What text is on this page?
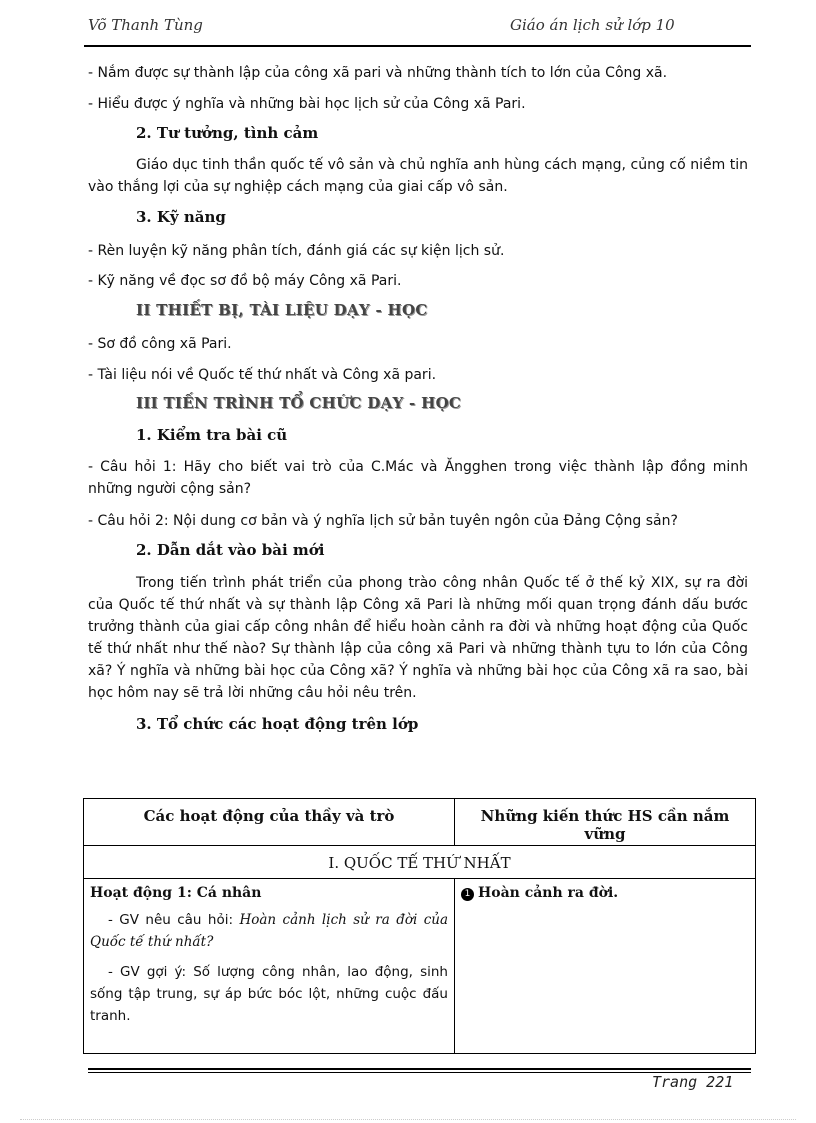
Võ Thanh Tùng	Giáo án lịch sử lớp 10

- Nắm được sự thành lập của công xã pari và những thành tích to lớn của Công xã.

- Hiểu được ý nghĩa và những bài học lịch sử của Công xã Pari.

2. Tư tưởng, tình cảm

Giáo dục tinh thần quốc tế vô sản và chủ nghĩa anh hùng cách mạng, củng cố niềm tin vào thắng lợi của sự nghiệp cách mạng của giai cấp vô sản.

3. Kỹ năng

- Rèn luyện kỹ năng phân tích, đánh giá các sự kiện lịch sử.

- Kỹ năng về đọc sơ đồ bộ máy Công xã Pari.

II THIẾT BỊ, TÀI LIỆU DẠY - HỌC

- Sơ đồ công xã Pari.

- Tài liệu nói về Quốc tế thứ nhất và Công xã pari.

III TIẾN TRÌNH TỔ CHỨC DẠY - HỌC
1. Kiểm tra bài cũ

- Câu hỏi 1: Hãy cho biết vai trò của C.Mác và Ăngghen trong việc thành lập đồng minh những người cộng sản?

- Câu hỏi 2: Nội dung cơ bản và ý nghĩa lịch sử bản tuyên ngôn của Đảng Cộng sản?

2. Dẫn dắt vào bài mới

Trong tiến trình phát triển của phong trào công nhân Quốc tế ở thế kỷ XIX, sự ra đời của Quốc tế thứ nhất và sự thành lập Công xã Pari là những mối quan trọng đánh dấu bước trưởng thành của giai cấp công nhân để hiểu hoàn cảnh ra đời và những hoạt động của Quốc tế thứ nhất như thế nào? Sự thành lập của công xã Pari và những thành tựu to lớn của Công xã? Ý nghĩa và những bài học của Công xã? Ý nghĩa và những bài học của Công xã ra sao, bài học hôm nay sẽ trả lời những câu hỏi nêu trên.

3. Tổ chức các hoạt động trên lớp
Các hoạt động của thầy và trò	Những kiến thức HS cần nắm vững
I. QUỐC TẾ THỨ NHẤT	

Hoạt động 1: Cá nhân

- GV nêu câu hỏi: Hoàn cảnh lịch sử ra đời của Quốc tế thứ nhất?

- GV gợi ý: Số lượng công nhân, lao động, sinh sống tập trung, sự áp bức bóc lột, những cuộc đấu tranh.	1 Hoàn cảnh ra đời.
Trang 221
